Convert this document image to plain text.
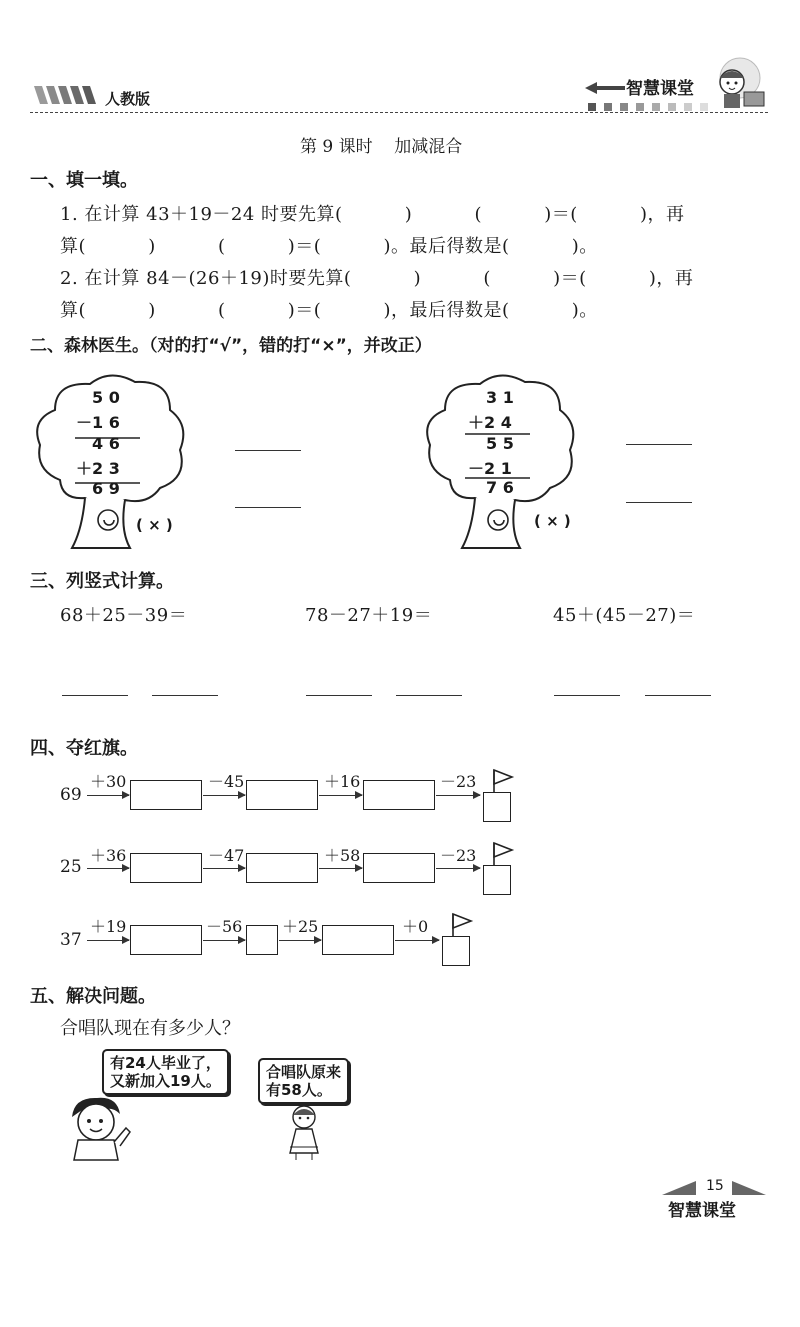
人教版	智慧课堂
第 9 课时    加减混合
一、填一填。
1. 在计算 43＋19－24 时要先算(          )          (          )＝(          )，再
算(          )          (          )＝(          )。最后得数是(          )。
2. 在计算 84－(26＋19)时要先算(          )          (          )＝(          )，再
算(          )          (          )＝(          )，最后得数是(          )。
二、森林医生。（对的打“√”，错的打“×”，并改正）
5 0
－1 6
4 6
＋2 3
6 9
( × )
3 1
＋2 4
5 5
－2 1
7 6
( × )
三、列竖式计算。
68＋25－39＝	78－27＋19＝	45＋(45－27)＝
四、夺红旗。
69
＋30	－45	＋16	－23
25
＋36	－47	＋58	－23
37
＋19	－56 ＋25	＋0
五、解决问题。
合唱队现在有多少人？
有24人毕业了，
又新加入19人。	合唱队原来
有58人。
15
智慧课堂
